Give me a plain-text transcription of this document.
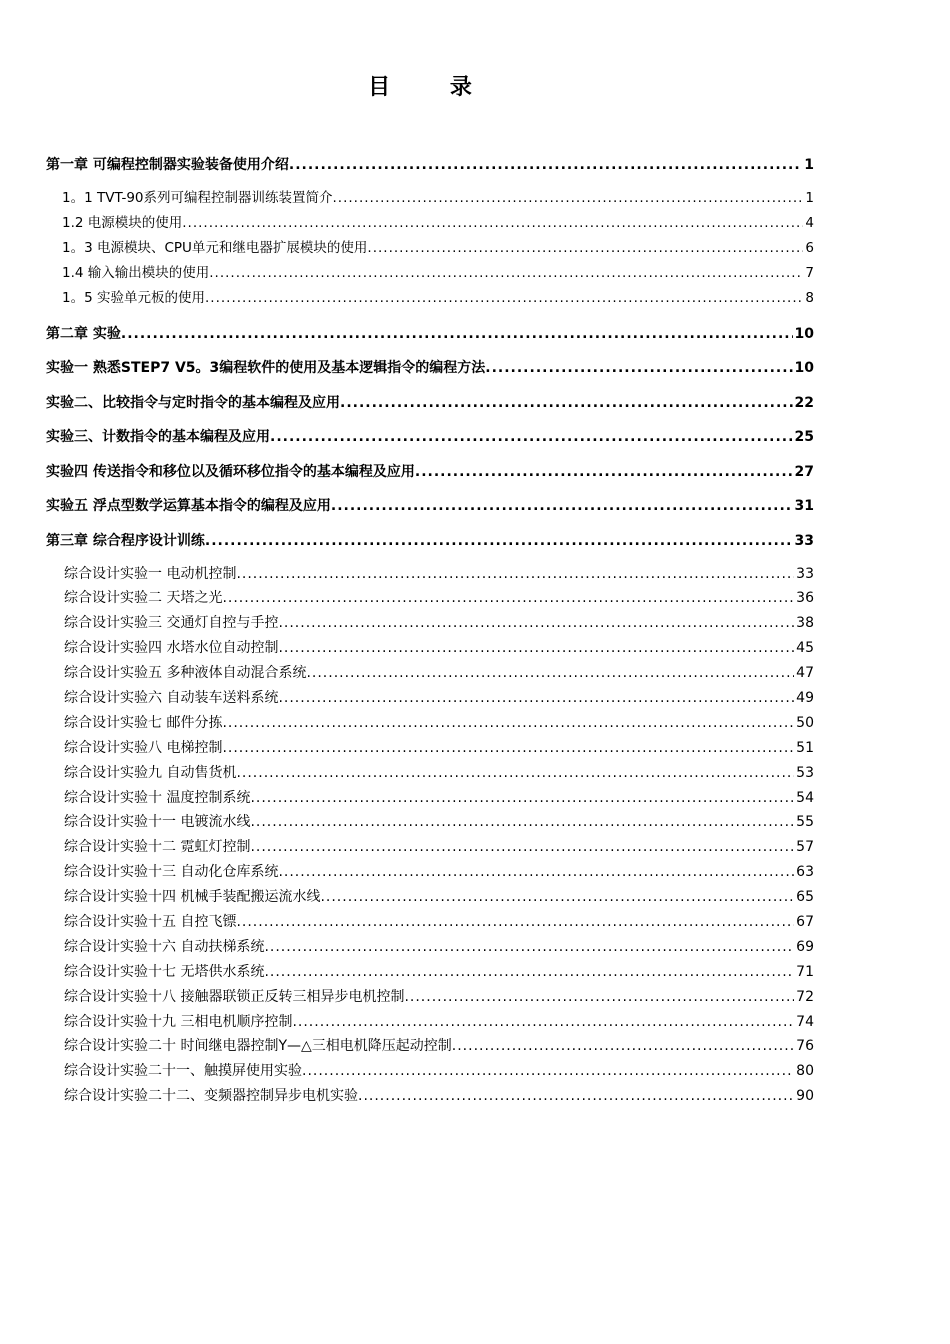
目 录
第一章 可编程控制器实验装备使用介绍 .....	1
1。1 TVT-90系列可编程控制器训练装置简介 .....	1
1.2 电源模块的使用 .....	4
1。3 电源模块、CPU单元和继电器扩展模块的使用 .....	6
1.4 输入输出模块的使用 .....	7
1。5 实验单元板的使用 .....	8
第二章 实验 .....	10
实验一 熟悉STEP7 V5。3编程软件的使用及基本逻辑指令的编程方法 .....	10
实验二、比较指令与定时指令的基本编程及应用 .....	22
实验三、计数指令的基本编程及应用 .....	25
实验四 传送指令和移位以及循环移位指令的基本编程及应用 .....	27
实验五 浮点型数学运算基本指令的编程及应用 .....	31
第三章 综合程序设计训练 .....	33
综合设计实验一 电动机控制 .....	33
综合设计实验二 天塔之光 .....	36
综合设计实验三 交通灯自控与手控 .....	38
综合设计实验四 水塔水位自动控制 .....	45
综合设计实验五 多种液体自动混合系统 .....	47
综合设计实验六 自动装车送料系统 .....	49
综合设计实验七 邮件分拣 .....	50
综合设计实验八 电梯控制 .....	51
综合设计实验九 自动售货机 .....	53
综合设计实验十 温度控制系统 .....	54
综合设计实验十一 电镀流水线 .....	55
综合设计实验十二 霓虹灯控制 .....	57
综合设计实验十三 自动化仓库系统 .....	63
综合设计实验十四 机械手装配搬运流水线 .....	65
综合设计实验十五 自控飞镖 .....	67
综合设计实验十六 自动扶梯系统 .....	69
综合设计实验十七 无塔供水系统 .....	71
综合设计实验十八 接触器联锁正反转三相异步电机控制 .....	72
综合设计实验十九 三相电机顺序控制 .....	74
综合设计实验二十 时间继电器控制Y—△三相电机降压起动控制 .....	76
综合设计实验二十一、触摸屏使用实验 .....	80
综合设计实验二十二、变频器控制异步电机实验 .....	90
